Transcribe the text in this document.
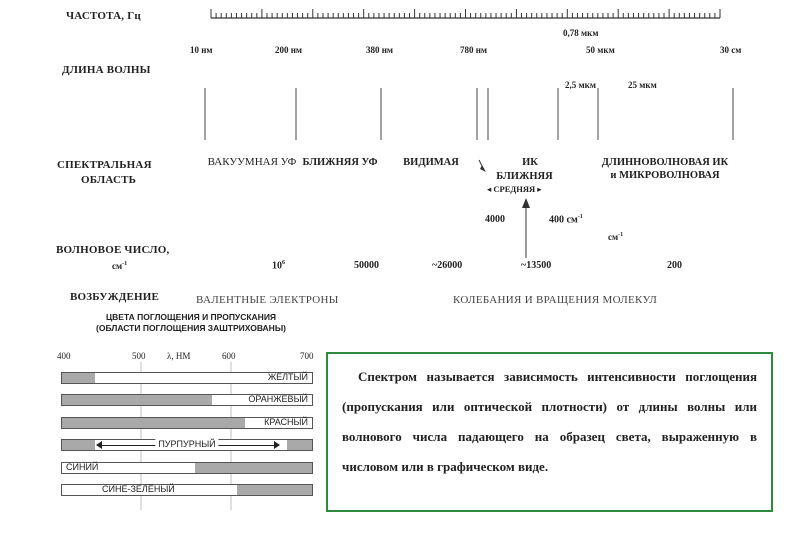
ЧАСТОТА, Гц
0,78 мкм
10 нм	200 нм	380 нм	780 нм	50 мкм	30 см
ДЛИНА ВОЛНЫ
2,5 мкм	25 мкм
СПЕКТРАЛЬНАЯ
ОБЛАСТЬ
ВАКУУМНАЯ УФ БЛИЖНЯЯ УФ	ВИДИМАЯ	ИК
БЛИЖНЯЯ
◂ СРЕДНЯЯ ▸
ДЛИННОВОЛНОВАЯ ИК и МИКРОВОЛНОВАЯ
4000	400 $см^{-1}$
$см^{-1}$
ВОЛНОВОЕ ЧИСЛО,
$см^{-1}$	$10^6$	50000	~26000	~13500	200
ВОЗБУЖДЕНИЕ	ВАЛЕНТНЫЕ ЭЛЕКТРОНЫ	КОЛЕБАНИЯ И ВРАЩЕНИЯ МОЛЕКУЛ
ЦВЕТА ПОГЛОЩЕНИЯ И ПРОПУСКАНИЯ
(ОБЛАСТИ ПОГЛОЩЕНИЯ ЗАШТРИХОВАНЫ)
400	500 λ, НМ	600	700
ЖЁЛТЫЙ
ОРАНЖЕВЫЙ
КРАСНЫЙ
ПУРПУРНЫЙ
СИНИЙ
СИНЕ-ЗЕЛЁНЫЙ
Спектром называется зависимость интенсивности поглощения (пропускания или оптической плотности) от длины волны или волнового числа падающего на образец света, выраженную в числовом или в графическом виде.
